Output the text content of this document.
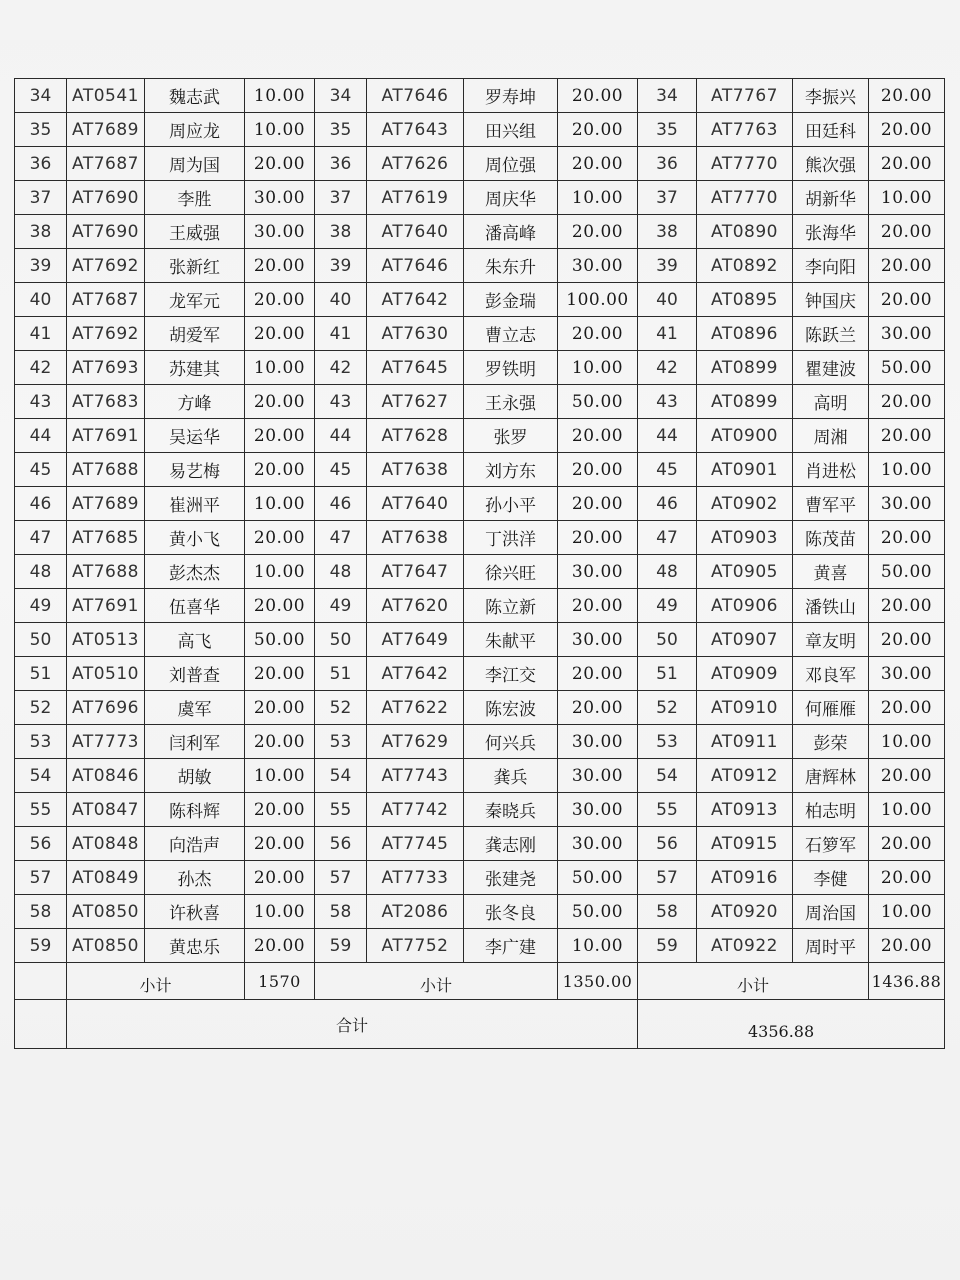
34	AT0541	魏志武	10.00	34	AT7646	罗寿坤	20.00	34	AT7767	李振兴	20.00
35	AT7689	周应龙	10.00	35	AT7643	田兴组	20.00	35	AT7763	田廷科	20.00
36	AT7687	周为国	20.00	36	AT7626	周位强	20.00	36	AT7770	熊次强	20.00
37	AT7690	李胜	30.00	37	AT7619	周庆华	10.00	37	AT7770	胡新华	10.00
38	AT7690	王威强	30.00	38	AT7640	潘高峰	20.00	38	AT0890	张海华	20.00
39	AT7692	张新红	20.00	39	AT7646	朱东升	30.00	39	AT0892	李向阳	20.00
40	AT7687	龙军元	20.00	40	AT7642	彭金瑞	100.00	40	AT0895	钟国庆	20.00
41	AT7692	胡爱军	20.00	41	AT7630	曹立志	20.00	41	AT0896	陈跃兰	30.00
42	AT7693	苏建其	10.00	42	AT7645	罗铁明	10.00	42	AT0899	瞿建波	50.00
43	AT7683	方峰	20.00	43	AT7627	王永强	50.00	43	AT0899	高明	20.00
44	AT7691	吴运华	20.00	44	AT7628	张罗	20.00	44	AT0900	周湘	20.00
45	AT7688	易艺梅	20.00	45	AT7638	刘方东	20.00	45	AT0901	肖进松	10.00
46	AT7689	崔洲平	10.00	46	AT7640	孙小平	20.00	46	AT0902	曹军平	30.00
47	AT7685	黄小飞	20.00	47	AT7638	丁洪洋	20.00	47	AT0903	陈茂苗	20.00
48	AT7688	彭杰杰	10.00	48	AT7647	徐兴旺	30.00	48	AT0905	黄喜	50.00
49	AT7691	伍喜华	20.00	49	AT7620	陈立新	20.00	49	AT0906	潘铁山	20.00
50	AT0513	高飞	50.00	50	AT7649	朱献平	30.00	50	AT0907	章友明	20.00
51	AT0510	刘普查	20.00	51	AT7642	李江交	20.00	51	AT0909	邓良军	30.00
52	AT7696	虞军	20.00	52	AT7622	陈宏波	20.00	52	AT0910	何雁雁	20.00
53	AT7773	闫利军	20.00	53	AT7629	何兴兵	30.00	53	AT0911	彭荣	10.00
54	AT0846	胡敏	10.00	54	AT7743	龚兵	30.00	54	AT0912	唐辉林	20.00
55	AT0847	陈科辉	20.00	55	AT7742	秦晓兵	30.00	55	AT0913	柏志明	10.00
56	AT0848	向浩声	20.00	56	AT7745	龚志刚	30.00	56	AT0915	石箩军	20.00
57	AT0849	孙杰	20.00	57	AT7733	张建尧	50.00	57	AT0916	李健	20.00
58	AT0850	许秋喜	10.00	58	AT2086	张冬良	50.00	58	AT0920	周治国	10.00
59	AT0850	黄忠乐	20.00	59	AT7752	李广建	10.00	59	AT0922	周时平	20.00
	小计		1570	小计			1350.00	小计			1436.88
	合计							4356.88			
